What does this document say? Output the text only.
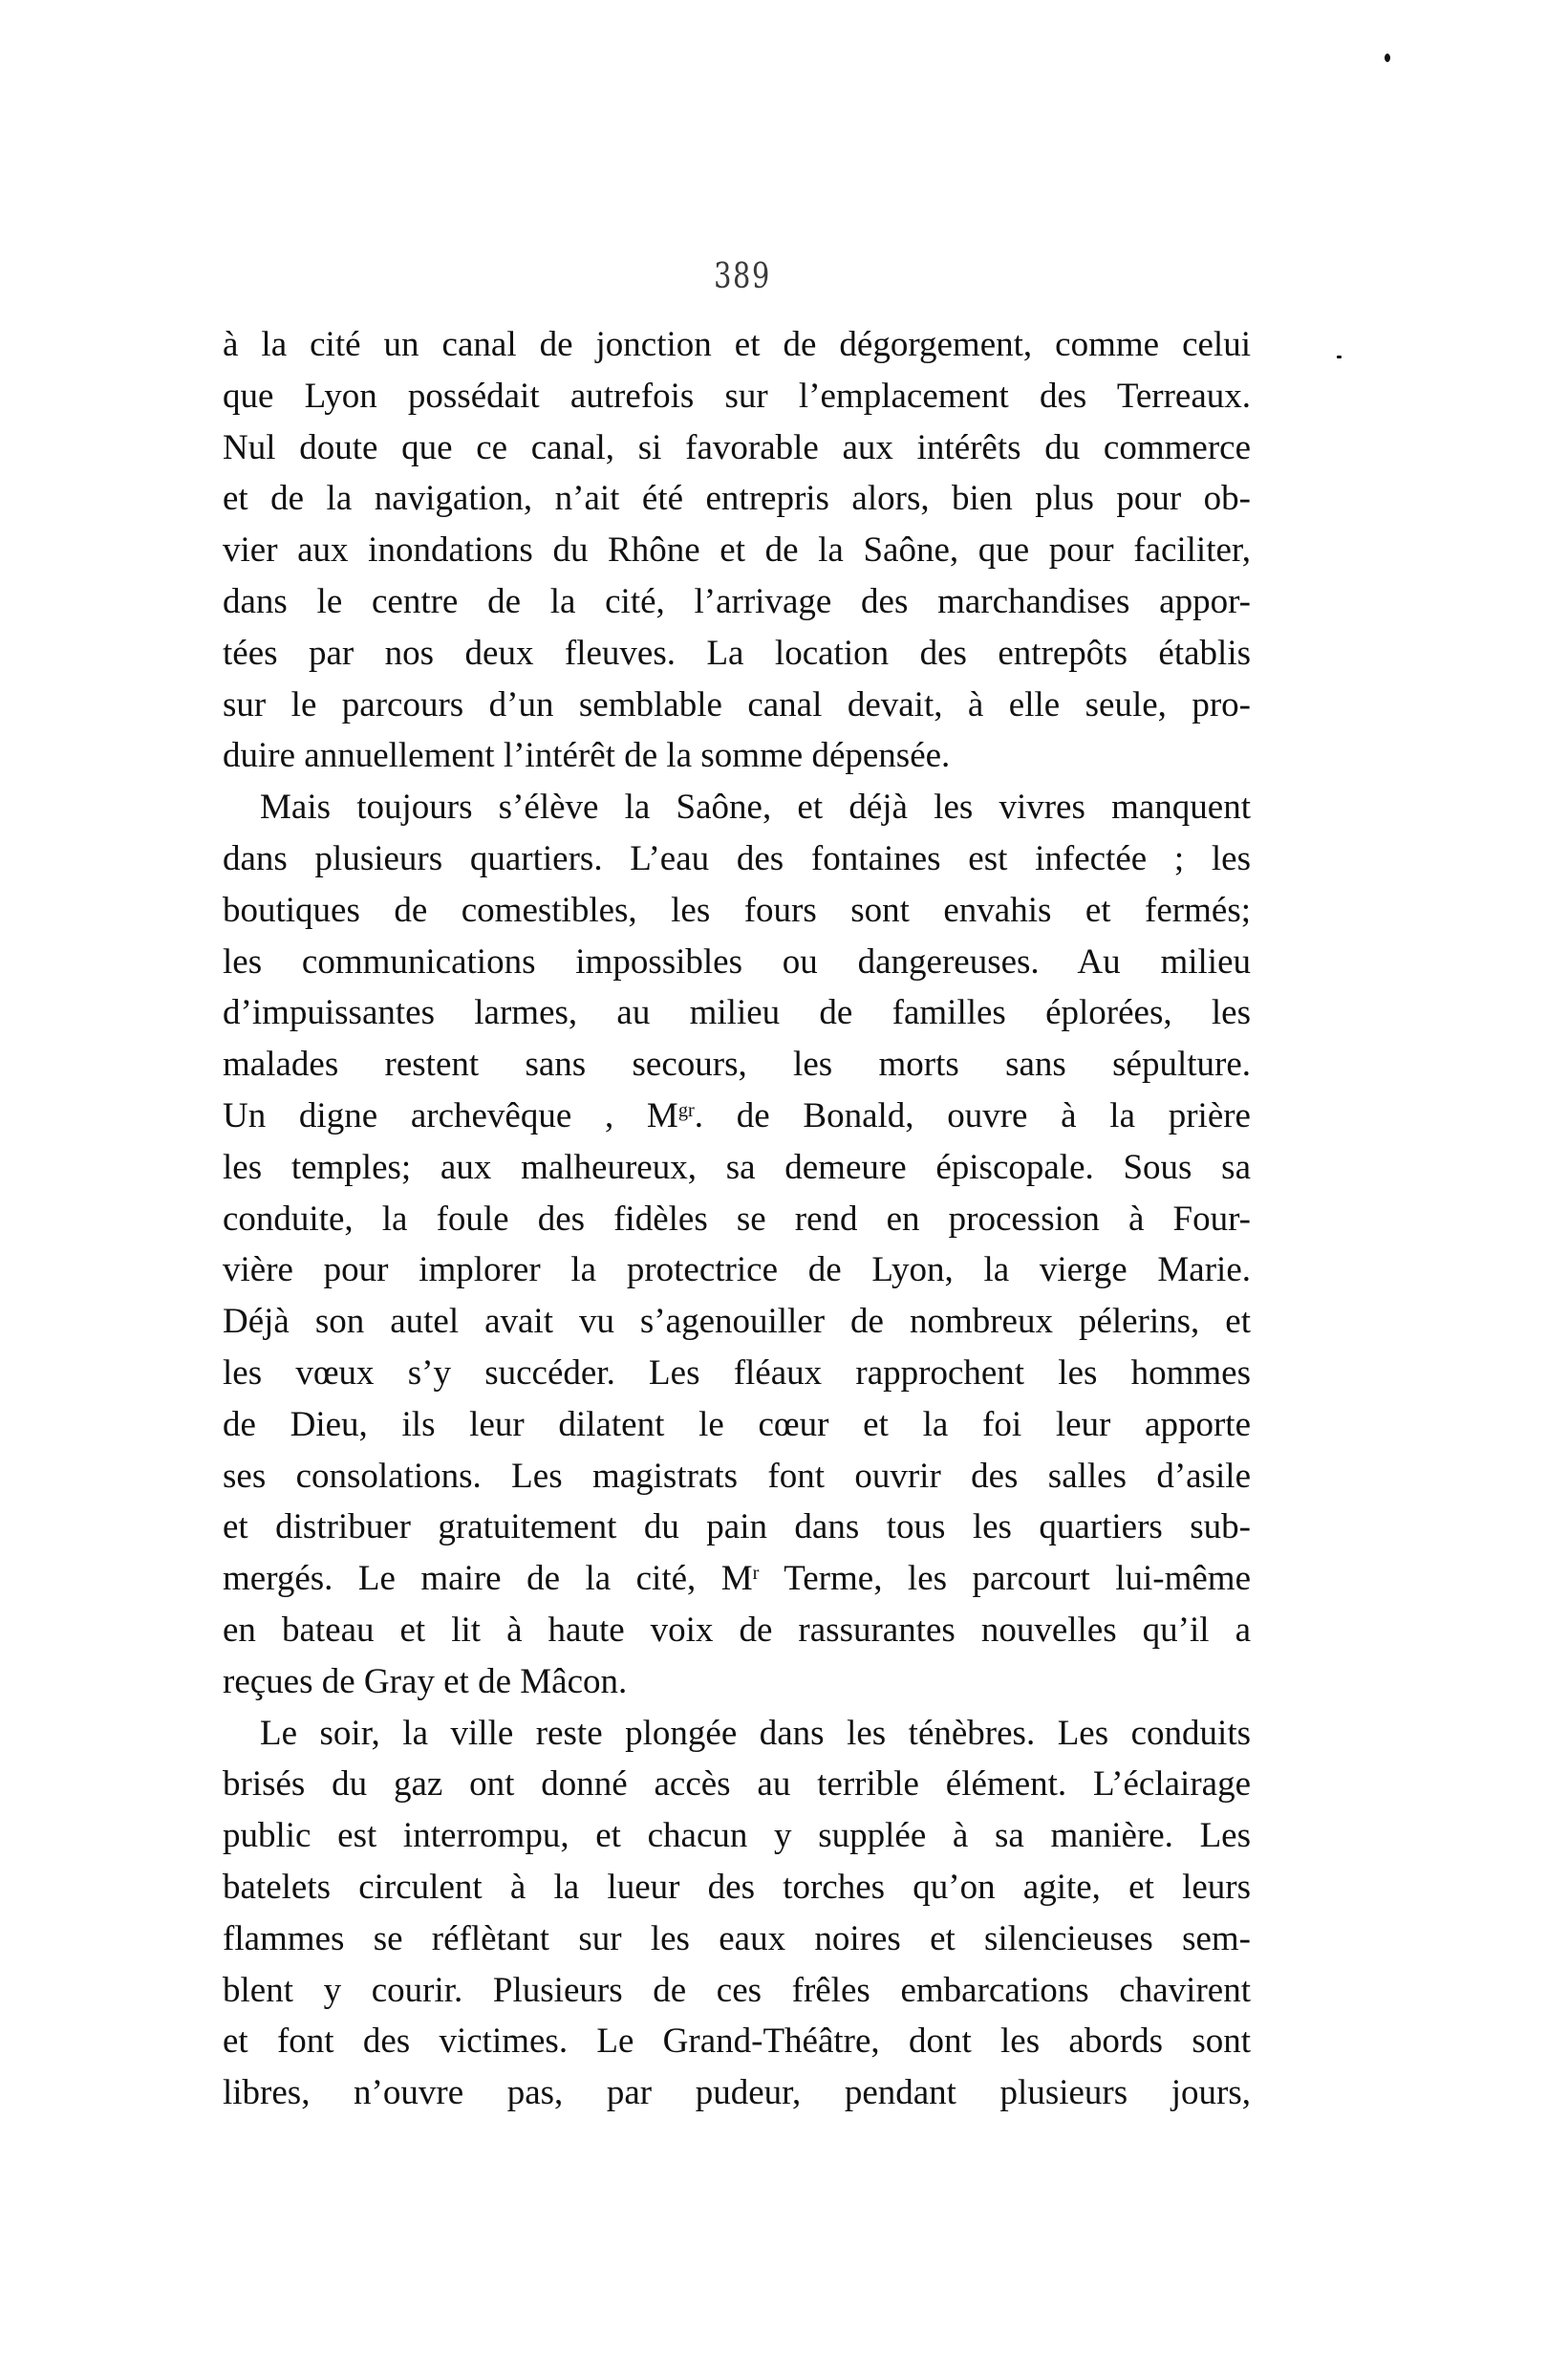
389
à la cité un canal de jonction et de dégorgement, comme celui
que Lyon possédait autrefois sur l’emplacement des Terreaux.
Nul doute que ce canal, si favorable aux intérêts du commerce
et de la navigation, n’ait été entrepris alors, bien plus pour ob-
vier aux inondations du Rhône et de la Saône, que pour faciliter,
dans le centre de la cité, l’arrivage des marchandises appor-
tées par nos deux fleuves. La location des entrepôts établis
sur le parcours d’un semblable canal devait, à elle seule, pro-
duire annuellement l’intérêt de la somme dépensée.
Mais toujours s’élève la Saône, et déjà les vivres manquent
dans plusieurs quartiers. L’eau des fontaines est infectée ; les
boutiques de comestibles, les fours sont envahis et fermés;
les communications impossibles ou dangereuses. Au milieu
d’impuissantes larmes, au milieu de familles éplorées, les
malades restent sans secours, les morts sans sépulture.
Un digne archevêque , $M^{gr}$. de Bonald, ouvre à la prière
les temples; aux malheureux, sa demeure épiscopale. Sous sa
conduite, la foule des fidèles se rend en procession à Four-
vière pour implorer la protectrice de Lyon, la vierge Marie.
Déjà son autel avait vu s’agenouiller de nombreux pélerins, et
les vœux s’y succéder. Les fléaux rapprochent les hommes
de Dieu, ils leur dilatent le cœur et la foi leur apporte
ses consolations. Les magistrats font ouvrir des salles d’asile
et distribuer gratuitement du pain dans tous les quartiers sub-
mergés. Le maire de la cité, $M^r$ Terme, les parcourt lui-même
en bateau et lit à haute voix de rassurantes nouvelles qu’il a
reçues de Gray et de Mâcon.
Le soir, la ville reste plongée dans les ténèbres. Les conduits
brisés du gaz ont donné accès au terrible élément. L’éclairage
public est interrompu, et chacun y supplée à sa manière. Les
batelets circulent à la lueur des torches qu’on agite, et leurs
flammes se réflètant sur les eaux noires et silencieuses sem-
blent y courir. Plusieurs de ces frêles embarcations chavirent
et font des victimes. Le Grand-Théâtre, dont les abords sont
libres, n’ouvre pas, par pudeur, pendant plusieurs jours,
